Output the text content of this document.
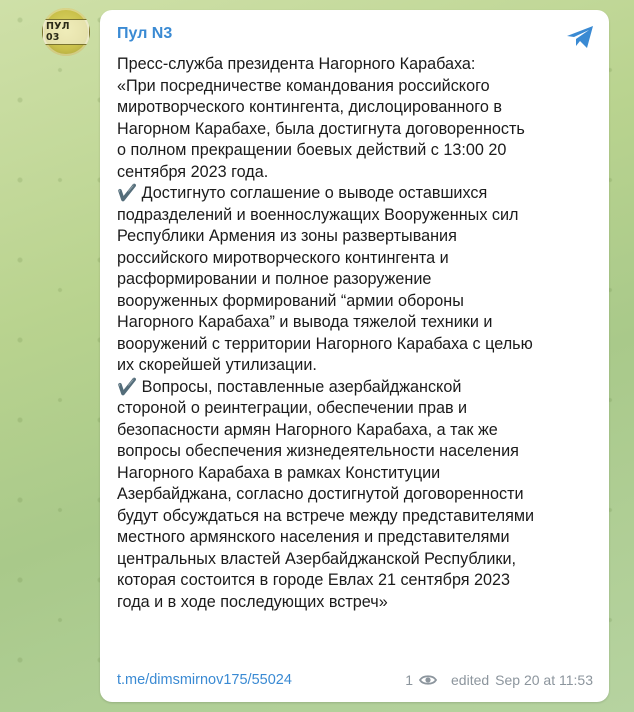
ПУЛ 03	Пул N3
Пресс-служба президента Нагорного Карабаха:
«При посредничестве командования российского
миротворческого контингента, дислоцированного в
Нагорном Карабахе, была достигнута договоренность
о полном прекращении боевых действий с 13:00 20
сентября 2023 года.
✔️ Достигнуто соглашение о выводе оставшихся
подразделений и военнослужащих Вооруженных сил
Республики Армения из зоны развертывания
российского миротворческого контингента и
расформировании и полное разоружение
вооруженных формирований “армии обороны
Нагорного Карабаха” и вывода тяжелой техники и
вооружений с территории Нагорного Карабаха с целью
их скорейшей утилизации.
✔️ Вопросы, поставленные азербайджанской
стороной о реинтеграции, обеспечении прав и
безопасности армян Нагорного Карабаха, а так же
вопросы обеспечения жизнедеятельности населения
Нагорного Карабаха в рамках Конституции
Азербайджана, согласно достигнутой договоренности
будут обсуждаться на встрече между представителями
местного армянского населения и представителями
центральных властей Азербайджанской Республики,
которая состоится в городе Евлах 21 сентября 2023
года и в ходе последующих встреч»
t.me/dimsmirnov175/55024	1	edited Sep 20 at 11:53
